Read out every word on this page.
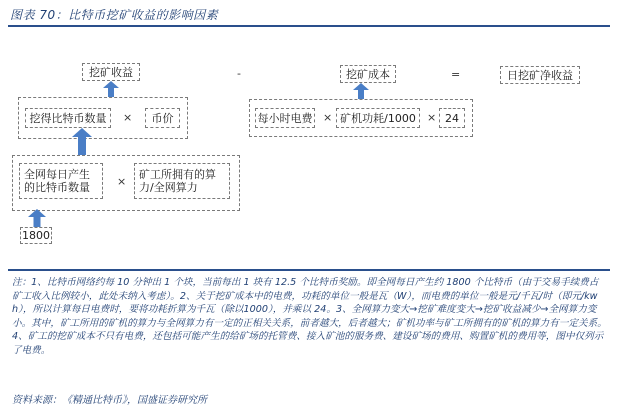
图表 70：比特币挖矿收益的影响因素
挖矿收益	-	挖矿成本	=	日挖矿净收益
挖得比特币数量 × 币价	每小时电费 × 矿机功耗/1000 × 24
全网每日产生
的比特币数量 ×
矿工所拥有的算
力/全网算力
1800
注：1、比特币网络约每 10 分钟出 1 个块，当前每出 1 块有 12.5 个比特币奖励。即全网每日产生约 1800 个比特币（由于交易手续费占矿工收入比例较小，此处未纳入考虑）。2、关于挖矿成本中的电费，功耗的单位一般是瓦（W），而电费的单位一般是元/千瓦/时（即元/kwh），所以计算每日电费时，要将功耗折算为千瓦（除以1000），并乘以 24。3、全网算力变大→挖矿难度变大→挖矿收益减少→全网算力变小。其中，矿工所用的矿机的算力与全网算力有一定的正相关关系，前者越大，后者越大；矿机功率与矿工所拥有的矿机的算力有一定关系。4、矿工的挖矿成本不只有电费，还包括可能产生的给矿场的托管费、接入矿池的服务费、建设矿场的费用、购置矿机的费用等，图中仅列示了电费。
资料来源：《精通比特币》，国盛证券研究所
